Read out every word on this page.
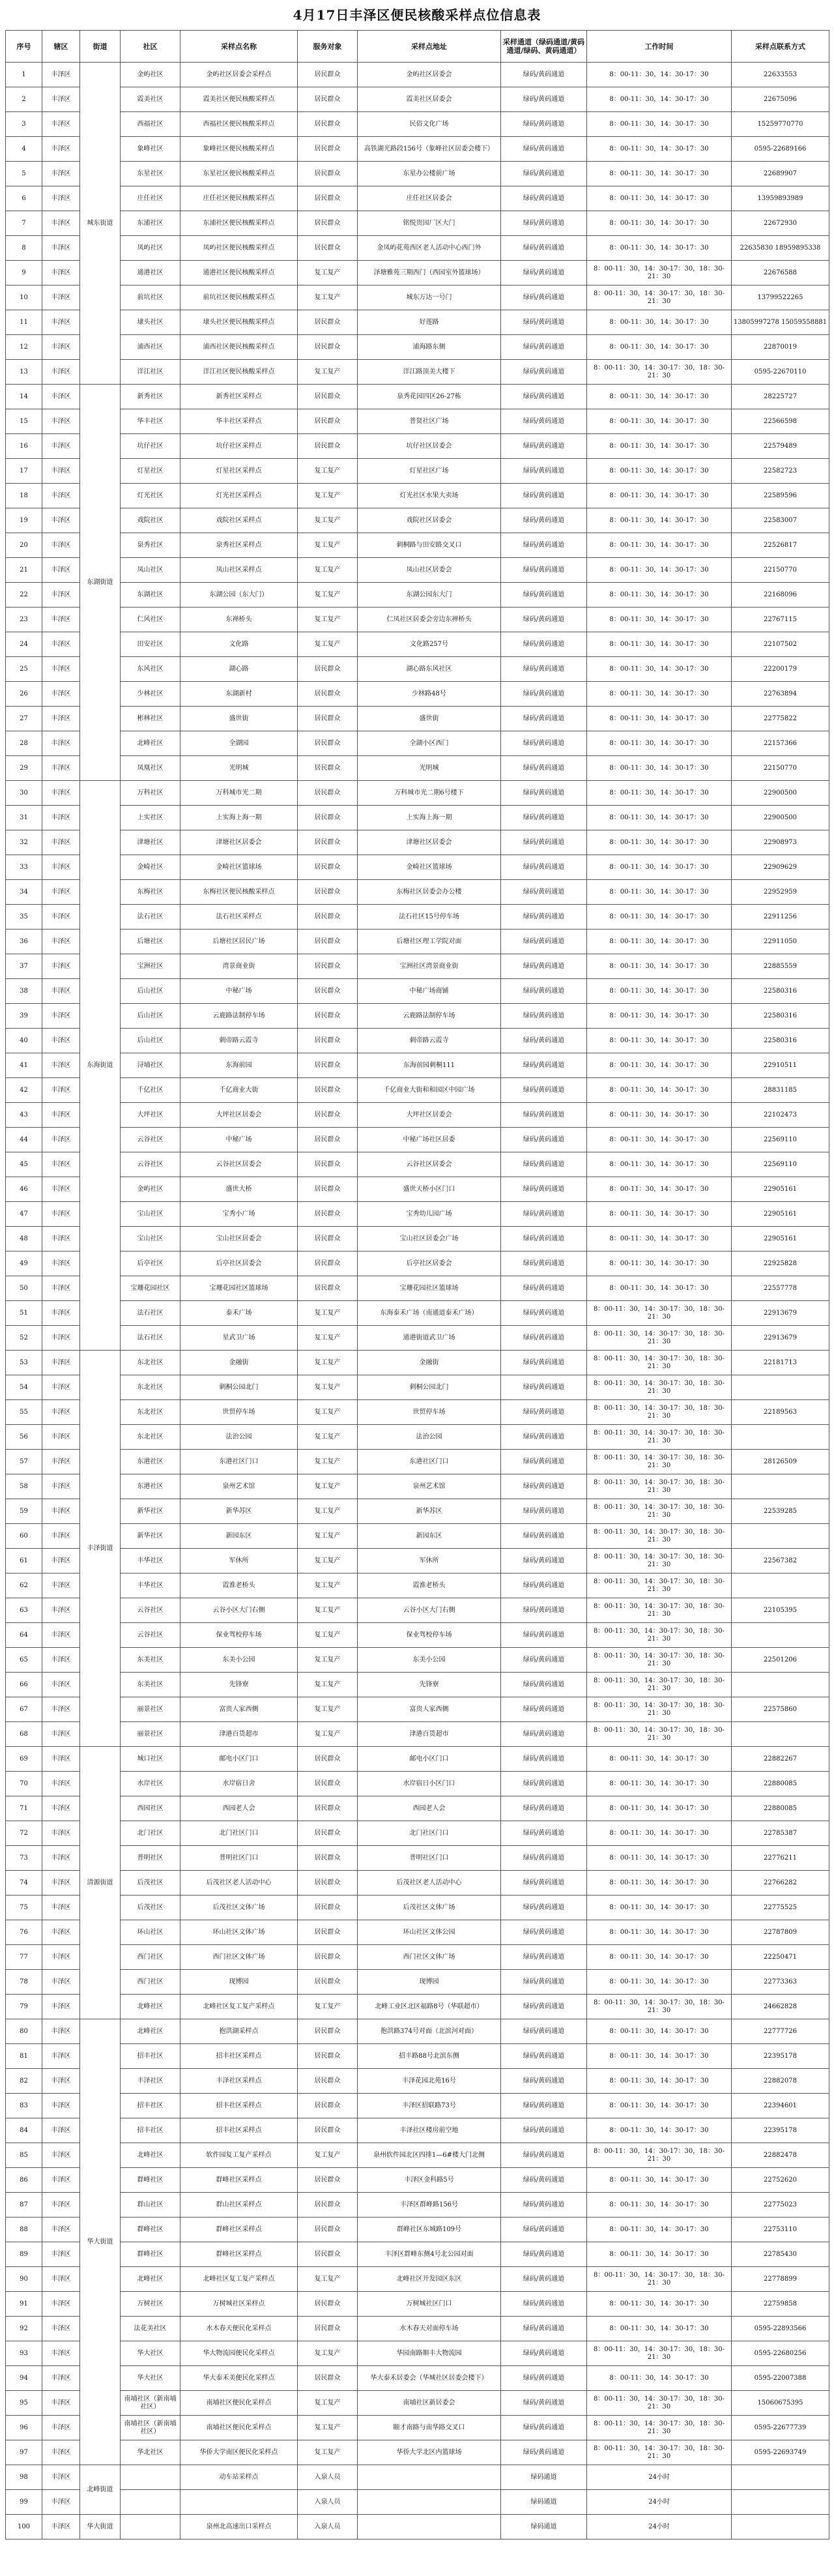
4月17日丰泽区便民核酸采样点位信息表
序号	辖区	街道	社区	采样点名称	服务对象	采样点地址	采样通道（绿码通道/黄码通道/绿码、黄码通道）	工作时间	采样点联系方式
1	丰泽区	城东街道	金屿社区	金屿社区居委会采样点	居民群众	金屿社区居委会	绿码/黄码通道	8：00-11：30，14：30-17：30	22633553
2	丰泽区		霞美社区	霞美社区便民核酸采样点	居民群众	霞美社区居委会	绿码/黄码通道	8：00-11：30，14：30-17：30	22675096
3	丰泽区		西福社区	西福社区便民核酸采样点	居民群众	民俗文化广场	绿码/黄码通道	8：00-11：30，14：30-17：30	15259770770
4	丰泽区		象峰社区	象峰社区便民核酸采样点	居民群众	高铁湖光路段156号（象峰社区居委会楼下）	绿码/黄码通道	8：00-11：30，14：30-17：30	0595-22689166
5	丰泽区		东星社区	东星社区便民核酸采样点	居民群众	东星办公楼前广场	绿码/黄码通道	8：00-11：30，14：30-17：30	22689907
6	丰泽区		庄任社区	庄任社区便民核酸采样点	居民群众	庄任社区居委会	绿码/黄码通道	8：00-11：30，14：30-17：30	13959893989
7	丰泽区		东浦社区	东浦社区便民核酸采样点	居民群众	铭悦贵园厂区大门	绿码/黄码通道	8：00-11：30，14：30-17：30	22672930
8	丰泽区		凤屿社区	凤屿社区便民核酸采样点	居民群众	金凤屿花苑西区老人活动中心西门外	绿码/黄码通道	8：00-11：30，14：30-17：30	22635830 18959895338
9	丰泽区		通港社区	通港社区便民核酸采样点	复工复产	泽塘雅苑三期西门（西园室外篮球场）	绿码/黄码通道	8：00-11：30，14：30-17：30，18：30-21：30	22676588
10	丰泽区		前坑社区	前坑社区便民核酸采样点	复工复产	城东万达一号门	绿码/黄码通道	8：00-11：30，14：30-17：30，18：30-21：30	13799522265
11	丰泽区		埭头社区	埭头社区便民核酸采样点	居民群众	好莲路	绿码/黄码通道	8：00-11：30，14：30-17：30	13805997278 15059558881
12	丰泽区		浦西社区	浦西社区便民核酸采样点	居民群众	浦海路东侧	绿码/黄码通道	8：00-11：30，14：30-17：30	22870019
13	丰泽区		洋江社区	洋江社区便民核酸采样点	复工复产	洋江路顶美大楼下	绿码/黄码通道	8：00-11：30，14：30-17：30，18：30-21：30	0595-22670110
14	丰泽区	东湖街道	新秀社区	新秀社区采样点	居民群众	泉秀花园四区26-27栋	绿码/黄码通道	8：00-11：30，14：30-17：30	28225727
15	丰泽区		华丰社区	华丰社区采样点	居民群众	普贤社区广场	绿码/黄码通道	8：00-11：30，14：30-17：30	22566598
16	丰泽区		坑仔社区	坑仔社区采样点	居民群众	坑仔社区居委会	绿码/黄码通道	8：00-11：30，14：30-17：30	22579489
17	丰泽区		灯星社区	灯星社区采样点	复工复产	灯星社区广场	绿码/黄码通道	8：00-11：30，14：30-17：30	22582723
18	丰泽区		灯光社区	灯光社区采样点	复工复产	灯光社区水果大卖场	绿码/黄码通道	8：00-11：30，14：30-17：30	22589596
19	丰泽区		戏院社区	戏院社区采样点	复工复产	戏院社区居委会	绿码/黄码通道	8：00-11：30，14：30-17：30	22583007
20	丰泽区		泉秀社区	泉秀社区采样点	复工复产	刺桐路与田安路交叉口	绿码/黄码通道	8：00-11：30，14：30-17：30	22526817
21	丰泽区		凤山社区	凤山社区采样点	复工复产	凤山社区居委会	绿码/黄码通道	8：00-11：30，14：30-17：30	22150770
22	丰泽区		东湖社区	东湖公园（东大门）	复工复产	东湖公园东大门	绿码/黄码通道	8：00-11：30，14：30-17：30	22168096
23	丰泽区		仁风社区	东禅桥头	复工复产	仁凤社区居委会旁边东禅桥头	绿码/黄码通道	8：00-11：30，14：30-17：30	22767115
24	丰泽区		田安社区	文化路	复工复产	文化路257号	绿码/黄码通道	8：00-11：30，14：30-17：30	22107502
25	丰泽区		东风社区	湖心路	居民群众	湖心路东风社区	绿码/黄码通道	8：00-11：30，14：30-17：30	22200179
26	丰泽区		少林社区	东湖新村	居民群众	少林路48号	绿码/黄码通道	8：00-11：30，14：30-17：30	22763894
27	丰泽区		彬林社区	盛世街	居民群众	盛世街	绿码/黄码通道	8：00-11：30，14：30-17：30	22775822
28	丰泽区		北峰社区	全湖园	居民群众	全湖小区西门	绿码/黄码通道	8：00-11：30，14：30-17：30	22157366
29	丰泽区		凤凰社区	光明城	居民群众	光明城	绿码/黄码通道	8：00-11：30，14：30-17：30	22150770
30	丰泽区	东海街道	万科社区	万科城市光二期	居民群众	万科城市光二期6号楼下	绿码/黄码通道	8：00-11：30，14：30-17：30	22900500
31	丰泽区		上实社区	上实海上海一期	居民群众	上实海上海一期	绿码/黄码通道	8：00-11：30，14：30-17：30	22900500
32	丰泽区		津塘社区	津塘社区居委会	居民群众	津塘社区居委会	绿码/黄码通道	8：00-11：30，14：30-17：30	22908973
33	丰泽区		金崎社区	金崎社区篮球场	居民群众	金崎社区篮球场	绿码/黄码通道	8：00-11：30，14：30-17：30	22909629
34	丰泽区		东梅社区	东梅社区便民核酸采样点	居民群众	东梅社区居委会办公楼	绿码/黄码通道	8：00-11：30，14：30-17：30	22952959
35	丰泽区		法石社区	法石社区采样点	居民群众	法石社区15号停车场	绿码/黄码通道	8：00-11：30，14：30-17：30	22911256
36	丰泽区		后塘社区	后塘社区居民广场	居民群众	后塘社区理工学院对面	绿码/黄码通道	8：00-11：30，14：30-17：30	22911050
37	丰泽区		宝洲社区	湾景商业街	居民群众	宝洲社区湾景商业街	绿码/黄码通道	8：00-11：30，14：30-17：30	22885559
38	丰泽区		后山社区	中秘广场	居民群众	中秘广场商铺	绿码/黄码通道	8：00-11：30，14：30-17：30	22580316
39	丰泽区		后山社区	云鹿路法制停车场	居民群众	云鹿路法制停车场	绿码/黄码通道	8：00-11：30，14：30-17：30	22580316
40	丰泽区		后山社区	刺帝路云霞寺	居民群众	刺帝路云霞寺	绿码/黄码通道	8：00-11：30，14：30-17：30	22580316
41	丰泽区		浔埔社区	东海前园	居民群众	东海前园刺桐111	绿码/黄码通道	8：00-11：30，14：30-17：30	22910511
42	丰泽区		千亿社区	千亿商业大街	居民群众	千亿商业大街和和园区中园广场	绿码/黄码通道	8：00-11：30，14：30-17：30	28831185
43	丰泽区		大坪社区	大坪社区居委会	居民群众	大坪社区居委会	绿码/黄码通道	8：00-11：30，14：30-17：30	22102473
44	丰泽区		云谷社区	中秘广场	居民群众	中秘广场社区居委	绿码/黄码通道	8：00-11：30，14：30-17：30	22569110
45	丰泽区		云谷社区	云谷社区居委会	居民群众	云谷社区居委会	绿码/黄码通道	8：00-11：30，14：30-17：30	22569110
46	丰泽区		金屿社区	盛世大桥	居民群众	盛世天桥小区门口	绿码/黄码通道	8：00-11：30，14：30-17：30	22905161
47	丰泽区		宝山社区	宝秀小广场	居民群众	宝秀幼儿园广场	绿码/黄码通道	8：00-11：30，14：30-17：30	22905161
48	丰泽区		宝山社区	宝山社区居委会	居民群众	宝山社区居委会广场	绿码/黄码通道	8：00-11：30，14：30-17：30	22905161
49	丰泽区		后亭社区	后亭社区居委会	居民群众	后亭社区居委会	绿码/黄码通道	8：00-11：30，14：30-17：30	22925828
50	丰泽区		宝珊花园社区	宝珊花园社区篮球场	居民群众	宝珊花园社区篮球场	绿码/黄码通道	8：00-11：30，14：30-17：30	22557778
51	丰泽区		法石社区	泰禾广场	复工复产	东海泰禾广场（南通道泰禾广场）	绿码/黄码通道	8：00-11：30，14：30-17：30，18：30-21：30	22913679
52	丰泽区		法石社区	星武卫广场	复工复产	通港街道武卫广场	绿码/黄码通道	8：00-11：30，14：30-17：30，18：30-21：30	22913679
53	丰泽区	丰泽街道	东北社区	金融街	复工复产	金融街	绿码/黄码通道	8：00-11：30，14：30-17：30，18：30-21：30	22181713
54	丰泽区		东北社区	刺桐公园北门	复工复产	刺桐公园北门	绿码/黄码通道	8：00-11：30，14：30-17：30，18：30-21：30	
55	丰泽区		东北社区	世贸停车场	复工复产	世贸停车场	绿码/黄码通道	8：00-11：30，14：30-17：30，18：30-21：30	22189563
56	丰泽区		东北社区	法治公园	复工复产	法治公园	绿码/黄码通道	8：00-11：30，14：30-17：30，18：30-21：30	
57	丰泽区		东港社区	东港社区门口	复工复产	东港社区门口	绿码/黄码通道	8：00-11：30，14：30-17：30，18：30-21：30	28126509
58	丰泽区		东港社区	泉州艺术馆	复工复产	泉州艺术馆	绿码/黄码通道	8：00-11：30，14：30-17：30，18：30-21：30	
59	丰泽区		新华社区	新华苏区	复工复产	新华苏区	绿码/黄码通道	8：00-11：30，14：30-17：30，18：30-21：30	22539285
60	丰泽区		新华社区	新园东区	复工复产	新园东区	绿码/黄码通道	8：00-11：30，14：30-17：30，18：30-21：30	
61	丰泽区		丰华社区	军休所	复工复产	军休所	绿码/黄码通道	8：00-11：30，14：30-17：30，18：30-21：30	22567382
62	丰泽区		丰华社区	霞淮老桥头	复工复产	霞淮老桥头	绿码/黄码通道	8：00-11：30，14：30-17：30，18：30-21：30	
63	丰泽区		云谷社区	云谷小区大门右侧	复工复产	云谷小区大门右侧	绿码/黄码通道	8：00-11：30，14：30-17：30，18：30-21：30	22105395
64	丰泽区		云谷社区	保业驾校停车场	复工复产	保业驾校停车场	绿码/黄码通道	8：00-11：30，14：30-17：30，18：30-21：30	
65	丰泽区		东美社区	东美小公园	复工复产	东美小公园	绿码/黄码通道	8：00-11：30，14：30-17：30，18：30-21：30	22501206
66	丰泽区		东美社区	先锋寮	复工复产	先锋寮	绿码/黄码通道	8：00-11：30，14：30-17：30，18：30-21：30	
67	丰泽区		丽景社区	富贵人家西侧	复工复产	富贵人家西侧	绿码/黄码通道	8：00-11：30，14：30-17：30，18：30-21：30	22575860
68	丰泽区		丽景社区	津港百货超市	复工复产	津港百货超市	绿码/黄码通道	8：00-11：30，14：30-17：30，18：30-21：30	
69	丰泽区	清源街道	城口社区	邮电小区门口	居民群众	邮电小区门口	绿码/黄码通道	8：00-11：30，14：30-17：30	22882267
70	丰泽区		水岸社区	水岸宿日舍	居民群众	水岸宿日小区门口	绿码/黄码通道	8：00-11：30，14：30-17：30	22880085
71	丰泽区		西园社区	西园老人会	居民群众	西园老人会	绿码/黄码通道	8：00-11：30，14：30-17：30	22880085
72	丰泽区		北门社区	北门社区门口	居民群众	北门社区门口	绿码/黄码通道	8：00-11：30，14：30-17：30	22785387
73	丰泽区		普明社区	普明社区门口	居民群众	普明社区门口	绿码/黄码通道	8：00-11：30，14：30-17：30	22776211
74	丰泽区		后茂社区	后茂社区老人活动中心	居民群众	后茂社区老人活动中心	绿码/黄码通道	8：00-11：30，14：30-17：30	22766282
75	丰泽区		后茂社区	后茂社区文体广场	居民群众	后茂社区文体广场	绿码/黄码通道	8：00-11：30，14：30-17：30	22775525
76	丰泽区		环山社区	环山社区文体广场	居民群众	环山社区文体公园	绿码/黄码通道	8：00-11：30，14：30-17：30	22787809
77	丰泽区		西门社区	西门社区文体广场	居民群众	西门社区文体广场	绿码/黄码通道	8：00-11：30，14：30-17：30	22250471
78	丰泽区		西门社区	现博园	居民群众	现博园	绿码/黄码通道	8：00-11：30，14：30-17：30	22773363
79	丰泽区		北峰社区	北峰社区复工复产采样点	复工复产	北峰工业区北区福路8号（华联超市）	绿码/黄码通道	8：00-11：30，14：30-17：30，18：30-21：30	24662828
80	丰泽区	华大街道	北峰社区	抱洪湖采样点	居民群众	抱洪路374号对面（北滨河对面）	绿码/黄码通道	8：00-11：30，14：30-17：30	22777726
81	丰泽区		招丰社区	招丰社区采样点	居民群众	招丰路88号北滨东侧	绿码/黄码通道	8：00-11：30，14：30-17：30	22395178
82	丰泽区		丰泽社区	丰泽社区采样点	居民群众	丰泽花园北苑16号	绿码/黄码通道	8：00-11：30，14：30-17：30	22882078
83	丰泽区		招丰社区	招丰社区采样点	居民群众	丰泽区招联路73号	绿码/黄码通道	8：00-11：30，14：30-17：30	22394601
84	丰泽区		招丰社区	招丰社区采样点	居民群众	丰泽社区楼房前空地	绿码/黄码通道	8：00-11：30，14：30-17：30	22395178
85	丰泽区		北峰社区	软件园复工复产采样点	复工复产	泉州软件园北区四排1—6#楼大门北侧	绿码/黄码通道	8：00-11：30，14：30-17：30，18：30-21：30	22882478
86	丰泽区		群峰社区	群峰社区采样点	居民群众	丰泽区金科路5号	绿码/黄码通道	8：00-11：30，14：30-17：30	22752620
87	丰泽区		群山社区	群山社区采样点	居民群众	丰泽区群峰路156号	绿码/黄码通道	8：00-11：30，14：30-17：30	22775023
88	丰泽区		群峰社区	群峰社区采样点	居民群众	群峰社区东城路109号	绿码/黄码通道	8：00-11：30，14：30-17：30	22753110
89	丰泽区		群峰社区	群峰社区采样点	居民群众	丰泽区群峰东侧4号北公园对面	绿码/黄码通道	8：00-11：30，14：30-17：30	22785430
90	丰泽区		北峰社区	北峰社区复工复产采样点	复工复产	北峰社区开发园区东区	绿码/黄码通道	8：00-11：30，14：30-17：30，18：30-21：30	22778899
91	丰泽区		万树社区	万树城社区采样点	居民群众	万树城社区门口	绿码/黄码通道	8：00-11：30，14：30-17：30	22759858
92	丰泽区		法花美社区	水木春天便民化采样点	居民群众	水木春天对面停车场	绿码/黄码通道	8：00-11：30，14：30-17：30	0595-22893566
93	丰泽区		华大社区	华大物流园便民化采样点	复工复产	华园南路顺丰大物流园	绿码/黄码通道	8：00-11：30，14：30-17：30，18：30-21：30	0595-22680256
94	丰泽区		华大社区	华大泰禾美便民化采样点	居民群众	华大泰禾居委会（华城社区居委会楼下）	绿码/黄码通道	8：00-11：30，14：30-17：30	0595-22007388
95	丰泽区		南埔社区（新南埔社区）	南埔社区便民化采样点	复工复产	南埔社区新居委会	绿码/黄码通道	8：00-11：30，14：30-17：30，18：30-21：30	15060675395
96	丰泽区		南埔社区（新南埔社区）	南埔社区便民化采样点	复工复产	颐才南路与南华路交叉口	绿码/黄码通道	8：00-11：30，14：30-17：30，18：30-21：30	0595-22677739
97	丰泽区		华北社区	华侨大学南区便民化采样点	复工复产	华侨大学北区内篮球场	绿码/黄码通道	8：00-11：30，14：30-17：30，18：30-21：30	0595-22693749
98	丰泽区	北峰街道		动车站采样点	入泉人员		绿码通道	24小时	
99	丰泽区				入泉人员		绿码通道	24小时	
100	丰泽区	华大街道		泉州北高速出口采样点	入泉人员		绿码通道	24小时	
